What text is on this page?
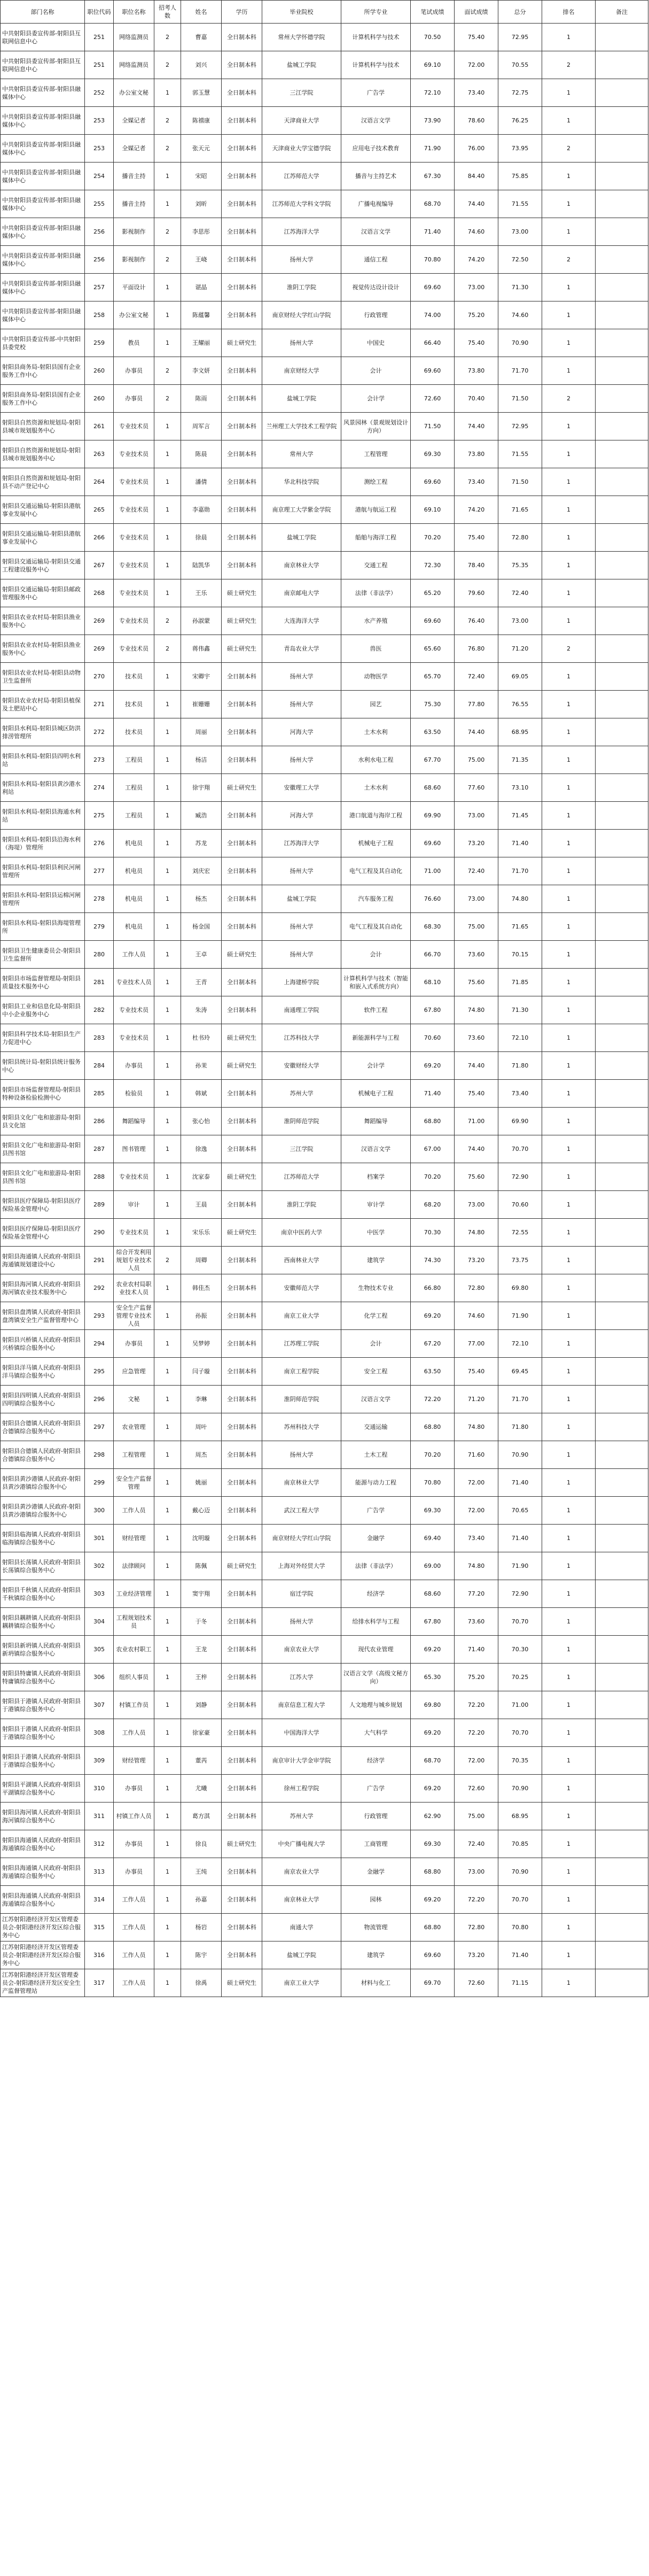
部门名称	职位代码	职位名称	招考人数	姓名	学历	毕业院校	所学专业	笔试成绩	面试成绩	总分	排名	备注
中共射阳县委宣传部-射阳县互联网信息中心	251	网络监测员	2	曹嘉	全日制本科	常州大学怀德学院	计算机科学与技术	70.50	75.40	72.95	1	
中共射阳县委宣传部-射阳县互联网信息中心	251	网络监测员	2	刘兴	全日制本科	盐城工学院	计算机科学与技术	69.10	72.00	70.55	2	
中共射阳县委宣传部-射阳县融媒体中心	252	办公室文秘	1	郭玉慧	全日制本科	三江学院	广告学	72.10	73.40	72.75	1	
中共射阳县委宣传部-射阳县融媒体中心	253	全媒记者	2	陈禧康	全日制本科	天津商业大学	汉语言文学	73.90	78.60	76.25	1	
中共射阳县委宣传部-射阳县融媒体中心	253	全媒记者	2	张天元	全日制本科	天津商业大学宝德学院	应用电子技术教育	71.90	76.00	73.95	2	
中共射阳县委宣传部-射阳县融媒体中心	254	播音主持	1	宋昭	全日制本科	江苏师范大学	播音与主持艺术	67.30	84.40	75.85	1	
中共射阳县委宣传部-射阳县融媒体中心	255	播音主持	1	刘昕	全日制本科	江苏师范大学科文学院	广播电视编导	68.70	74.40	71.55	1	
中共射阳县委宣传部-射阳县融媒体中心	256	影视制作	2	李思彤	全日制本科	江苏海洋大学	汉语言文学	71.40	74.60	73.00	1	
中共射阳县委宣传部-射阳县融媒体中心	256	影视制作	2	王峣	全日制本科	扬州大学	通信工程	70.80	74.20	72.50	2	
中共射阳县委宣传部-射阳县融媒体中心	257	平面设计	1	谌晶	全日制本科	淮阴工学院	视觉传达设计设计	69.60	73.00	71.30	1	
中共射阳县委宣传部-射阳县融媒体中心	258	办公室文秘	1	陈蕴馨	全日制本科	南京财经大学红山学院	行政管理	74.00	75.20	74.60	1	
中共射阳县委宣传部-中共射阳县委党校	259	教员	1	王耀丽	硕士研究生	扬州大学	中国史	66.40	75.40	70.90	1	
射阳县商务局-射阳县国有企业服务工作中心	260	办事员	2	李文妍	全日制本科	南京财经大学	会计	69.60	73.80	71.70	1	
射阳县商务局-射阳县国有企业服务工作中心	260	办事员	2	陈雨	全日制本科	盐城工学院	会计学	72.60	70.40	71.50	2	
射阳县自然资源和规划局-射阳县城市规划服务中心	261	专业技术员	1	周军言	全日制本科	兰州理工大学技术工程学院	风景园林（景观规划设计方向）	71.50	74.40	72.95	1	
射阳县自然资源和规划局-射阳县城市规划服务中心	263	专业技术员	1	陈晨	全日制本科	常州大学	工程管理	69.30	73.80	71.55	1	
射阳县自然资源和规划局-射阳县不动产登记中心	264	专业技术员	1	潘倩	全日制本科	华北科技学院	测绘工程	69.60	73.40	71.50	1	
射阳县交通运输局-射阳县港航事业发展中心	265	专业技术员	1	李嘉勋	全日制本科	南京理工大学紫金学院	港航与航运工程	69.10	74.20	71.65	1	
射阳县交通运输局-射阳县港航事业发展中心	266	专业技术员	1	徐晨	全日制本科	盐城工学院	船舶与海洋工程	70.20	75.40	72.80	1	
射阳县交通运输局-射阳县交通工程建设服务中心	267	专业技术员	1	陆凯华	全日制本科	南京林业大学	交通工程	72.30	78.40	75.35	1	
射阳县交通运输局-射阳县邮政管理服务中心	268	专业技术员	1	王乐	硕士研究生	南京邮电大学	法律（非法学）	65.20	79.60	72.40	1	
射阳县农业农村局-射阳县渔业服务中心	269	专业技术员	2	孙淑蒙	硕士研究生	大连海洋大学	水产养殖	69.60	76.40	73.00	1	
射阳县农业农村局-射阳县渔业服务中心	269	专业技术员	2	蒋伟鑫	硕士研究生	青岛农业大学	兽医	65.60	76.80	71.20	2	
射阳县农业农村局-射阳县动物卫生监督所	270	技术员	1	宋卿宇	全日制本科	扬州大学	动物医学	65.70	72.40	69.05	1	
射阳县农业农村局-射阳县植保及土肥站中心	271	技术员	1	崔姗姗	全日制本科	扬州大学	园艺	75.30	77.80	76.55	1	
射阳县水利局-射阳县城区防洪排涝管理所	272	技术员	1	周丽	全日制本科	河海大学	土木水利	63.50	74.40	68.95	1	
射阳县水利局-射阳县四明水利站	273	工程员	1	杨洁	全日制本科	扬州大学	水利水电工程	67.70	75.00	71.35	1	
射阳县水利局-射阳县黄沙港水利站	274	工程员	1	徐宇翔	硕士研究生	安徽理工大学	土木水利	68.60	77.60	73.10	1	
射阳县水利局-射阳县海通水利站	275	工程员	1	臧浩	全日制本科	河海大学	港口航道与海岸工程	69.90	73.00	71.45	1	
射阳县水利局-射阳县沿海水利（海堤）管理所	276	机电员	1	苏龙	全日制本科	江苏海洋大学	机械电子工程	69.60	73.20	71.40	1	
射阳县水利局-射阳县利民河闸管理所	277	机电员	1	刘庆宏	全日制本科	扬州大学	电气工程及其自动化	71.00	72.40	71.70	1	
射阳县水利局-射阳县运棉河闸管理所	278	机电员	1	杨杰	全日制本科	盐城工学院	汽车服务工程	76.60	73.00	74.80	1	
射阳县水利局-射阳县海堤管理所	279	机电员	1	杨金国	全日制本科	扬州大学	电气工程及其自动化	68.30	75.00	71.65	1	
射阳县卫生健康委员会-射阳县卫生监督所	280	工作人员	1	王卓	硕士研究生	扬州大学	会计	66.70	73.60	70.15	1	
射阳县市场监督管理局-射阳县质量技术服务中心	281	专业技术人员	1	王青	全日制本科	上海建桥学院	计算机科学与技术（智能和嵌入式系统方向）	68.10	75.60	71.85	1	
射阳县工业和信息化局-射阳县中小企业服务中心	282	专业技术员	1	朱涛	全日制本科	南通理工学院	软件工程	67.80	74.80	71.30	1	
射阳县科学技术局-射阳县生产力促进中心	283	专业技术员	1	杜书玲	硕士研究生	江苏科技大学	新能源科学与工程	70.60	73.60	72.10	1	
射阳县统计局-射阳县统计服务中心	284	办事员	1	孙茉	硕士研究生	安徽财经大学	会计学	69.20	74.40	71.80	1	
射阳县市场监督管理局-射阳县特种设备检验检测中心	285	检验员	1	韩斌	全日制本科	苏州大学	机械电子工程	71.40	75.40	73.40	1	
射阳县文化广电和旅游局-射阳县文化馆	286	舞蹈编导	1	张心怡	全日制本科	淮阴师范学院	舞蹈编导	68.80	71.00	69.90	1	
射阳县文化广电和旅游局-射阳县图书馆	287	图书管理	1	徐逸	全日制本科	三江学院	汉语言文学	67.00	74.40	70.70	1	
射阳县文化广电和旅游局-射阳县图书馆	288	专业技术员	1	沈家泰	硕士研究生	江苏师范大学	档案学	70.20	75.60	72.90	1	
射阳县医疗保障局-射阳县医疗保险基金管理中心	289	审计	1	王晨	全日制本科	淮阴工学院	审计学	68.20	73.00	70.60	1	
射阳县医疗保障局-射阳县医疗保险基金管理中心	290	专业技术员	1	宋乐乐	硕士研究生	南京中医药大学	中医学	70.30	74.80	72.55	1	
射阳县海通镇人民政府-射阳县海通镇规划建设中心	291	综合开发利用规划专业技术人员	2	周卿	全日制本科	西南林业大学	建筑学	74.30	73.20	73.75	1	
射阳县海河镇人民政府-射阳县海河镇农业技术服务中心	292	农业农村局职业技术人员	1	韩佳杰	全日制本科	安徽师范大学	生物技术专业	66.80	72.80	69.80	1	
射阳县盘湾镇人民政府-射阳县盘湾镇安全生产监督管理中心	293	安全生产监督管理专业技术人员	1	孙振	全日制本科	南京工业大学	化学工程	69.20	74.60	71.90	1	
射阳县兴桥镇人民政府-射阳县兴桥镇综合服务中心	294	办事员	1	吴梦婷	全日制本科	江苏理工学院	会计	67.20	77.00	72.10	1	
射阳县洋马镇人民政府-射阳县洋马镇综合服务中心	295	应急管理	1	闫子璇	全日制本科	南京工程学院	安全工程	63.50	75.40	69.45	1	
射阳县四明镇人民政府-射阳县四明镇综合服务中心	296	文秘	1	李琳	全日制本科	淮阴师范学院	汉语言文学	72.20	71.20	71.70	1	
射阳县合德镇人民政府-射阳县合德镇综合服务中心	297	农业管理	1	周叶	全日制本科	苏州科技大学	交通运输	68.80	74.80	71.80	1	
射阳县合德镇人民政府-射阳县合德镇综合服务中心	298	工程管理	1	周杰	全日制本科	扬州大学	土木工程	70.20	71.60	70.90	1	
射阳县黄沙港镇人民政府-射阳县黄沙港镇综合服务中心	299	安全生产监督管理	1	姚丽	全日制本科	南京林业大学	能源与动力工程	70.80	72.00	71.40	1	
射阳县黄沙港镇人民政府-射阳县黄沙港镇综合服务中心	300	工作人员	1	戴心迈	全日制本科	武汉工程大学	广告学	69.30	72.00	70.65	1	
射阳县临海镇人民政府-射阳县临海镇综合服务中心	301	财经管理	1	沈明璇	全日制本科	南京财经大学红山学院	金融学	69.40	73.40	71.40	1	
射阳县长荡镇人民政府-射阳县长荡镇综合服务中心	302	法律顾问	1	陈佩	硕士研究生	上海对外经贸大学	法律（非法学）	69.00	74.80	71.90	1	
射阳县千秋镇人民政府-射阳县千秋镇综合服务中心	303	工业经济管理	1	窦宇翔	全日制本科	宿迁学院	经济学	68.60	77.20	72.90	1	
射阳县耦耕镇人民政府-射阳县耦耕镇综合服务中心	304	工程规划技术员	1	于冬	全日制本科	扬州大学	给排水科学与工程	67.80	73.60	70.70	1	
射阳县新坍镇人民政府-射阳县新坍镇综合服务中心	305	农业农村职工	1	王龙	全日制本科	南京农业大学	现代农业管理	69.20	71.40	70.30	1	
射阳县特庸镇人民政府-射阳县特庸镇综合服务中心	306	组织人事员	1	王梓	全日制本科	江苏大学	汉语言文学（高级文秘方向）	65.30	75.20	70.25	1	
射阳县于港镇人民政府-射阳县于港镇综合服务中心	307	村镇工作员	1	刘静	全日制本科	南京信息工程大学	人文地理与城乡规划	69.80	72.20	71.00	1	
射阳县于港镇人民政府-射阳县于港镇综合服务中心	308	工作人员	1	徐家豪	全日制本科	中国海洋大学	大气科学	69.20	72.20	70.70	1	
射阳县于港镇人民政府-射阳县于港镇综合服务中心	309	财经管理	1	董芮	全日制本科	南京审计大学金审学院	经济学	68.70	72.00	70.35	1	
射阳县平湖镇人民政府-射阳县平湖镇综合服务中心	310	办事员	1	尤曦	全日制本科	徐州工程学院	广告学	69.20	72.60	70.90	1	
射阳县海河镇人民政府-射阳县海河镇综合服务中心	311	村镇工作人员	1	葛方淇	全日制本科	苏州大学	行政管理	62.90	75.00	68.95	1	
射阳县海通镇人民政府-射阳县海通镇综合服务中心	312	办事员	1	徐良	硕士研究生	中央广播电视大学	工商管理	69.30	72.40	70.85	1	
射阳县海通镇人民政府-射阳县海通镇综合服务中心	313	办事员	1	王纯	全日制本科	南京农业大学	金融学	68.80	73.00	70.90	1	
射阳县海通镇人民政府-射阳县海通镇综合服务中心	314	工作人员	1	孙嘉	全日制本科	南京林业大学	园林	69.20	72.20	70.70	1	
江苏射阳港经济开发区管理委员会-射阳港经济开发区综合服务中心	315	工作人员	1	杨岩	全日制本科	南通大学	物流管理	68.80	72.80	70.80	1	
江苏射阳港经济开发区管理委员会-射阳港经济开发区综合服务中心	316	工作人员	1	陈宇	全日制本科	盐城工学院	建筑学	69.60	73.20	71.40	1	
江苏射阳港经济开发区管理委员会-射阳港经济开发区安全生产监督管理站	317	工作人员	1	徐禹	硕士研究生	南京工业大学	材料与化工	69.70	72.60	71.15	1	
